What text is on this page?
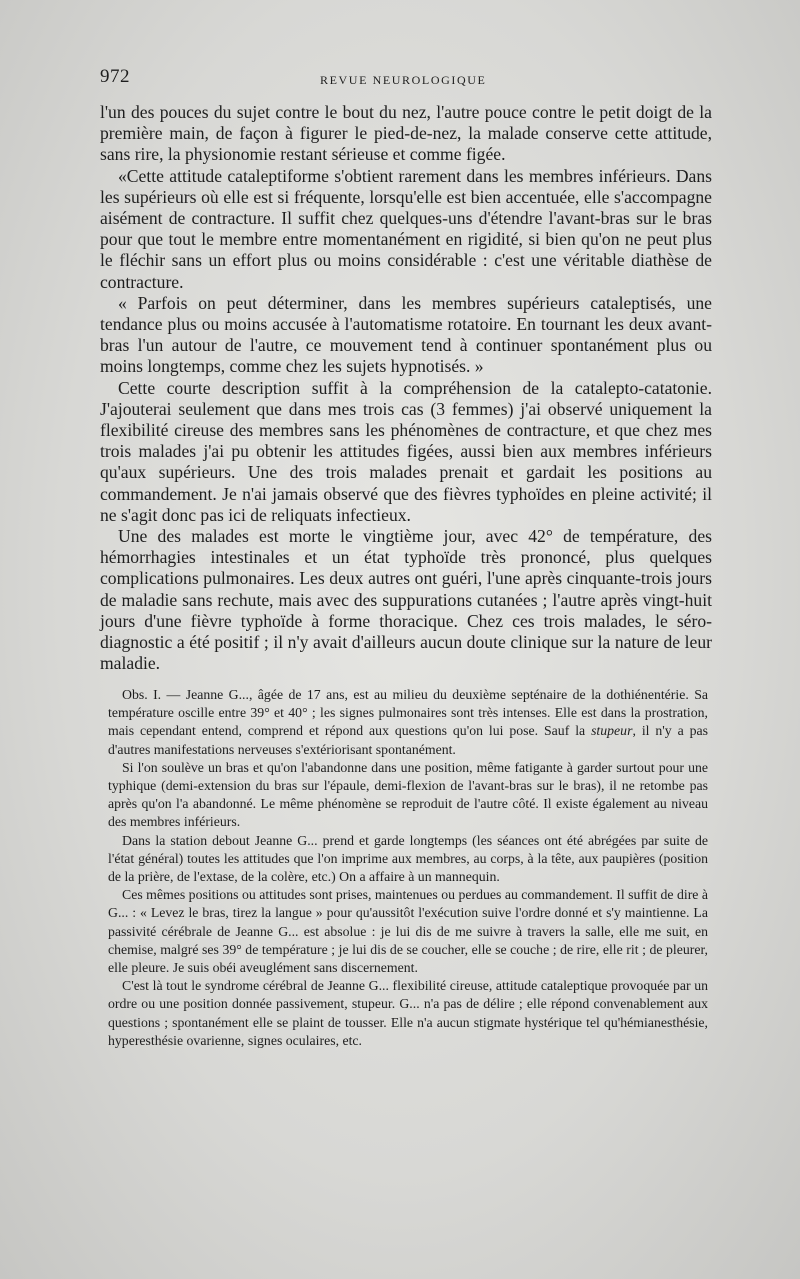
972	REVUE NEUROLOGIQUE

l'un des pouces du sujet contre le bout du nez, l'autre pouce contre le petit doigt de la première main, de façon à figurer le pied-de-nez, la malade conserve cette attitude, sans rire, la physionomie restant sérieuse et comme figée.

«Cette attitude cataleptiforme s'obtient rarement dans les membres inférieurs. Dans les supérieurs où elle est si fréquente, lorsqu'elle est bien accentuée, elle s'accompagne aisément de contracture. Il suffit chez quelques-uns d'étendre l'avant-bras sur le bras pour que tout le membre entre momentanément en rigidité, si bien qu'on ne peut plus le fléchir sans un effort plus ou moins considérable : c'est une véritable diathèse de contracture.

« Parfois on peut déterminer, dans les membres supérieurs cataleptisés, une tendance plus ou moins accusée à l'automatisme rotatoire. En tournant les deux avant-bras l'un autour de l'autre, ce mouvement tend à continuer spontanément plus ou moins longtemps, comme chez les sujets hypnotisés. »

Cette courte description suffit à la compréhension de la catalepto-catatonie. J'ajouterai seulement que dans mes trois cas (3 femmes) j'ai observé uniquement la flexibilité cireuse des membres sans les phénomènes de contracture, et que chez mes trois malades j'ai pu obtenir les attitudes figées, aussi bien aux membres inférieurs qu'aux supérieurs. Une des trois malades prenait et gardait les positions au commandement. Je n'ai jamais observé que des fièvres typhoïdes en pleine activité; il ne s'agit donc pas ici de reliquats infectieux.

Une des malades est morte le vingtième jour, avec 42° de température, des hémorrhagies intestinales et un état typhoïde très prononcé, plus quelques complications pulmonaires. Les deux autres ont guéri, l'une après cinquante-trois jours de maladie sans rechute, mais avec des suppurations cutanées ; l'autre après vingt-huit jours d'une fièvre typhoïde à forme thoracique. Chez ces trois malades, le séro-diagnostic a été positif ; il n'y avait d'ailleurs aucun doute clinique sur la nature de leur maladie.

Obs. I. — Jeanne G..., âgée de 17 ans, est au milieu du deuxième septénaire de la dothiénentérie. Sa température oscille entre 39° et 40° ; les signes pulmonaires sont très intenses. Elle est dans la prostration, mais cependant entend, comprend et répond aux questions qu'on lui pose. Sauf la stupeur, il n'y a pas d'autres manifestations nerveuses s'extériorisant spontanément.

Si l'on soulève un bras et qu'on l'abandonne dans une position, même fatigante à garder surtout pour une typhique (demi-extension du bras sur l'épaule, demi-flexion de l'avant-bras sur le bras), il ne retombe pas après qu'on l'a abandonné. Le même phénomène se reproduit de l'autre côté. Il existe également au niveau des membres inférieurs.

Dans la station debout Jeanne G... prend et garde longtemps (les séances ont été abrégées par suite de l'état général) toutes les attitudes que l'on imprime aux membres, au corps, à la tête, aux paupières (position de la prière, de l'extase, de la colère, etc.) On a affaire à un mannequin.

Ces mêmes positions ou attitudes sont prises, maintenues ou perdues au commandement. Il suffit de dire à G... : « Levez le bras, tirez la langue » pour qu'aussitôt l'exécution suive l'ordre donné et s'y maintienne. La passivité cérébrale de Jeanne G... est absolue : je lui dis de me suivre à travers la salle, elle me suit, en chemise, malgré ses 39° de température ; je lui dis de se coucher, elle se couche ; de rire, elle rit ; de pleurer, elle pleure. Je suis obéi aveuglément sans discernement.

C'est là tout le syndrome cérébral de Jeanne G... flexibilité cireuse, attitude cataleptique provoquée par un ordre ou une position donnée passivement, stupeur. G... n'a pas de délire ; elle répond convenablement aux questions ; spontanément elle se plaint de tousser. Elle n'a aucun stigmate hystérique tel qu'hémianesthésie, hyperesthésie ovarienne, signes oculaires, etc.
